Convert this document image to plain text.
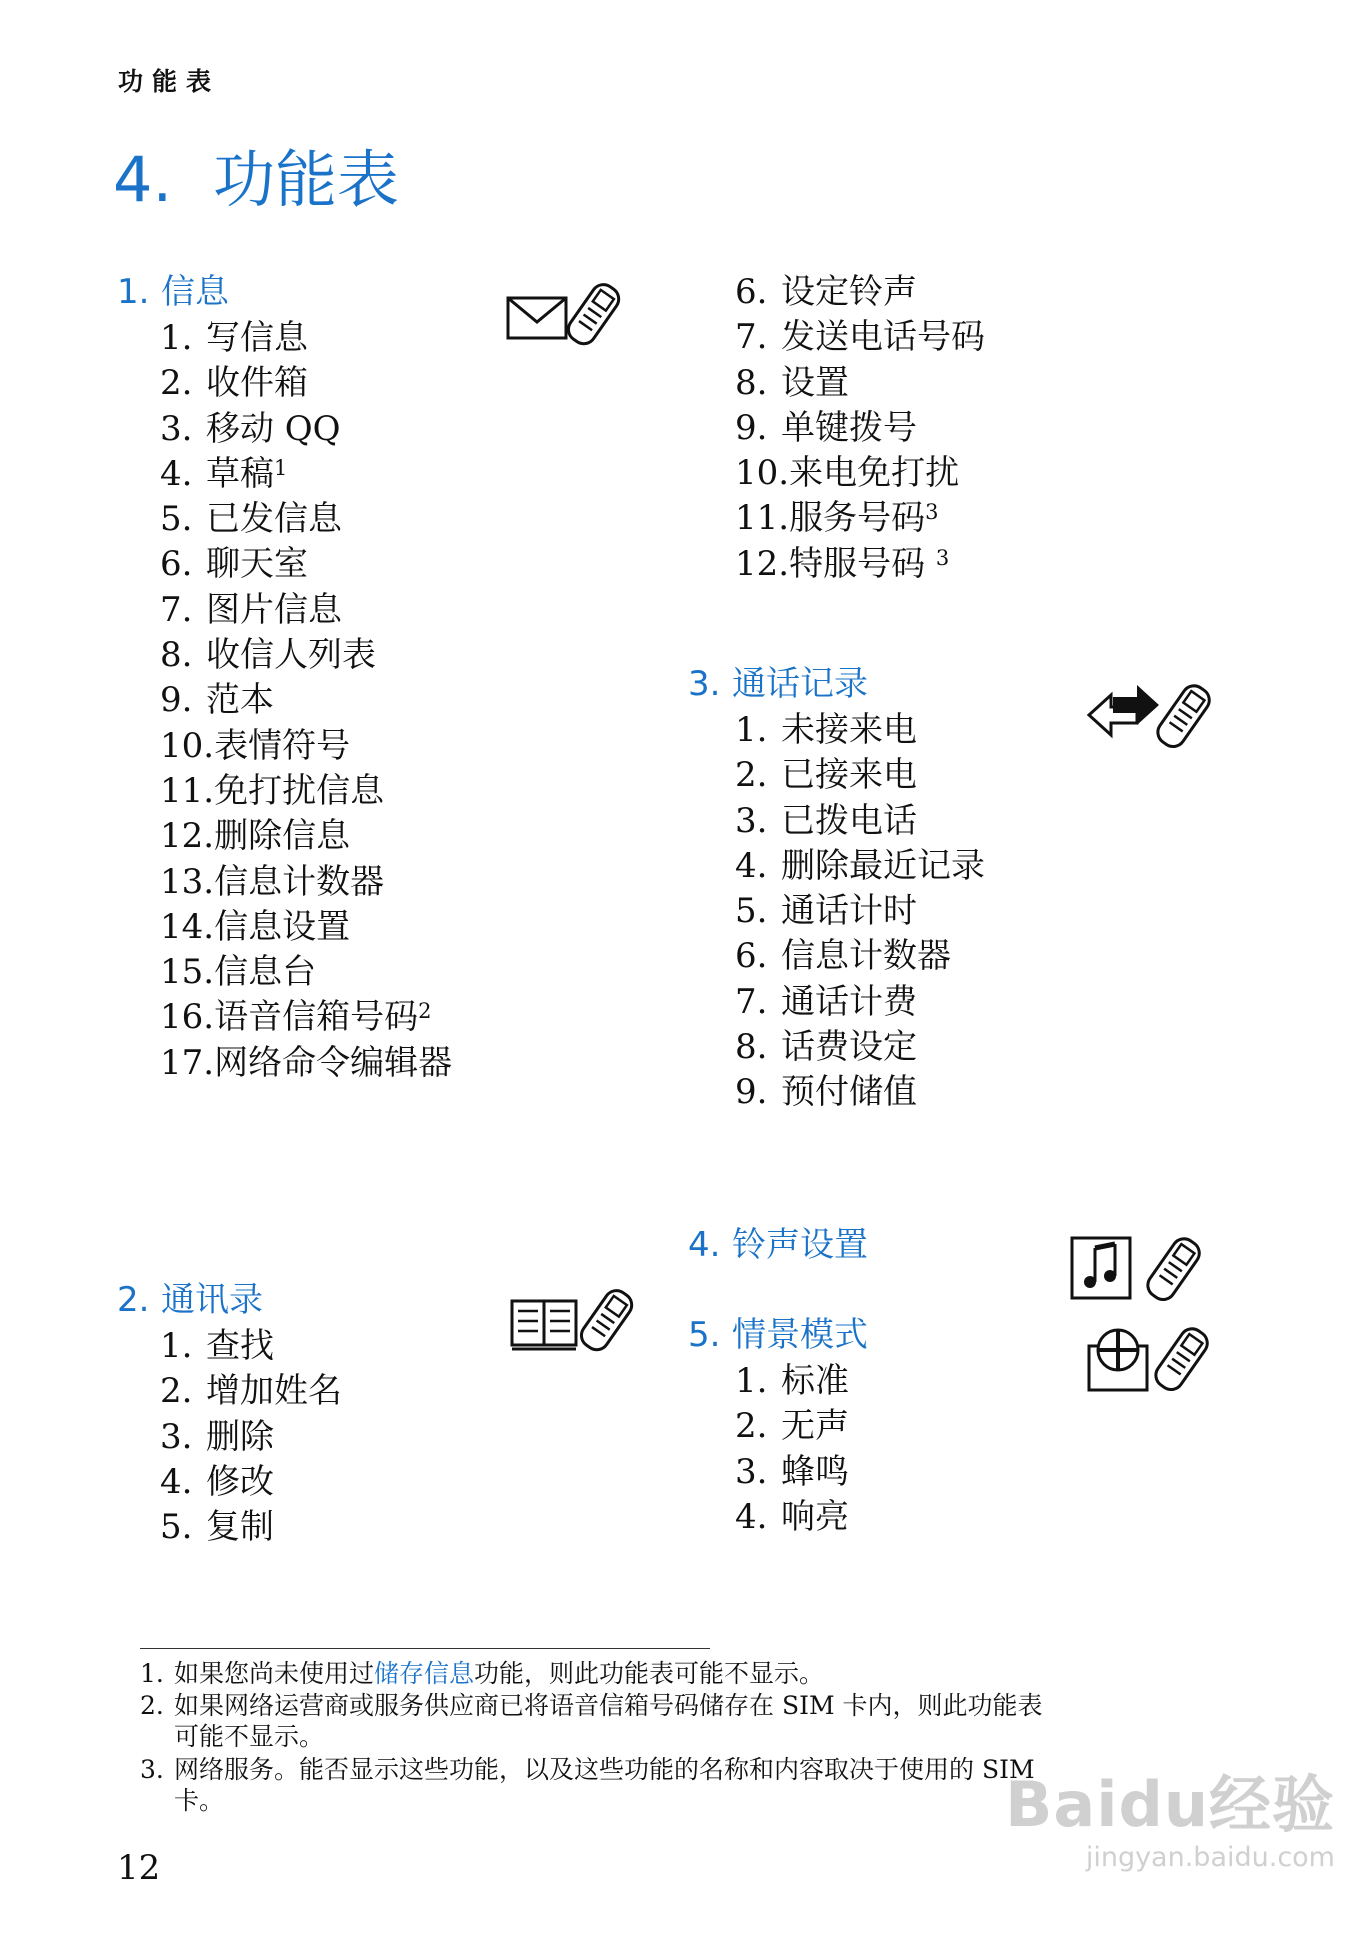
功能表
4. 功能表
1. 信息
1. 写信息
2. 收件箱
3. 移动 QQ
4. 草稿$^1$
5. 已发信息
6. 聊天室
7. 图片信息
8. 收信人列表
9. 范本
10.表情符号
11.免打扰信息
12.删除信息
13.信息计数器
14.信息设置
15.信息台
16.语音信箱号码$^2$
17.网络命令编辑器
2. 通讯录
1. 查找
2. 增加姓名
3. 删除
4. 修改
5. 复制
6. 设定铃声
7. 发送电话号码
8. 设置
9. 单键拨号
10.来电免打扰
11.服务号码$^3$
12.特服号码 $^3$
3. 通话记录
1. 未接来电
2. 已接来电
3. 已拨电话
4. 删除最近记录
5. 通话计时
6. 信息计数器
7. 通话计费
8. 话费设定
9. 预付储值
4. 铃声设置
5. 情景模式
1. 标准
2. 无声
3. 蜂鸣
4. 响亮
1. 如果您尚未使用过储存信息功能，则此功能表可能不显示。
2. 如果网络运营商或服务供应商已将语音信箱号码储存在 SIM 卡内，则此功能表
可能不显示。
3. 网络服务。能否显示这些功能，以及这些功能的名称和内容取决于使用的 SIM
卡。
12
Baidu经验
jingyan.baidu.com
